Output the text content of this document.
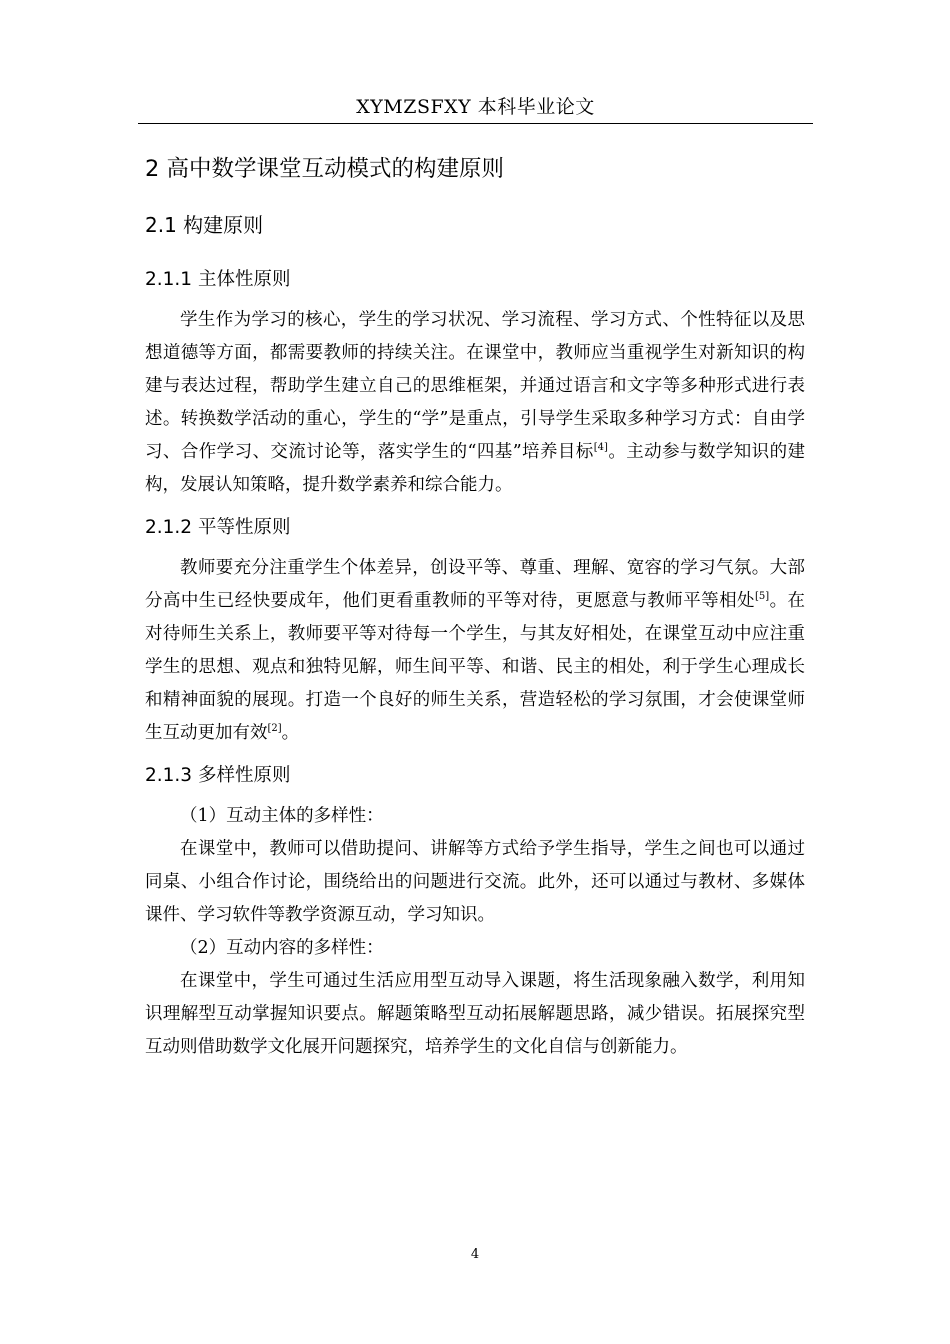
XYMZSFXY 本科毕业论文
2 高中数学课堂互动模式的构建原则
2.1 构建原则
2.1.1 主体性原则

学生作为学习的核心，学生的学习状况、学习流程、学习方式、个性特征以及思想道德等方面，都需要教师的持续关注。在课堂中，教师应当重视学生对新知识的构建与表达过程，帮助学生建立自己的思维框架，并通过语言和文字等多种形式进行表述。转换数学活动的重心，学生的“学”是重点，引导学生采取多种学习方式：自由学习、合作学习、交流讨论等，落实学生的“四基”培养目标[4]。主动参与数学知识的建构，发展认知策略，提升数学素养和综合能力。

2.1.2 平等性原则

教师要充分注重学生个体差异，创设平等、尊重、理解、宽容的学习气氛。大部分高中生已经快要成年，他们更看重教师的平等对待，更愿意与教师平等相处[5]。在对待师生关系上，教师要平等对待每一个学生，与其友好相处，在课堂互动中应注重学生的思想、观点和独特见解，师生间平等、和谐、民主的相处，利于学生心理成长和精神面貌的展现。打造一个良好的师生关系，营造轻松的学习氛围，才会使课堂师生互动更加有效[2]。

2.1.3 多样性原则

（1）互动主体的多样性：

在课堂中，教师可以借助提问、讲解等方式给予学生指导，学生之间也可以通过同桌、小组合作讨论，围绕给出的问题进行交流。此外，还可以通过与教材、多媒体课件、学习软件等教学资源互动，学习知识。

（2）互动内容的多样性：

在课堂中，学生可通过生活应用型互动导入课题，将生活现象融入数学，利用知识理解型互动掌握知识要点。解题策略型互动拓展解题思路，减少错误。拓展探究型互动则借助数学文化展开问题探究，培养学生的文化自信与创新能力。

4
